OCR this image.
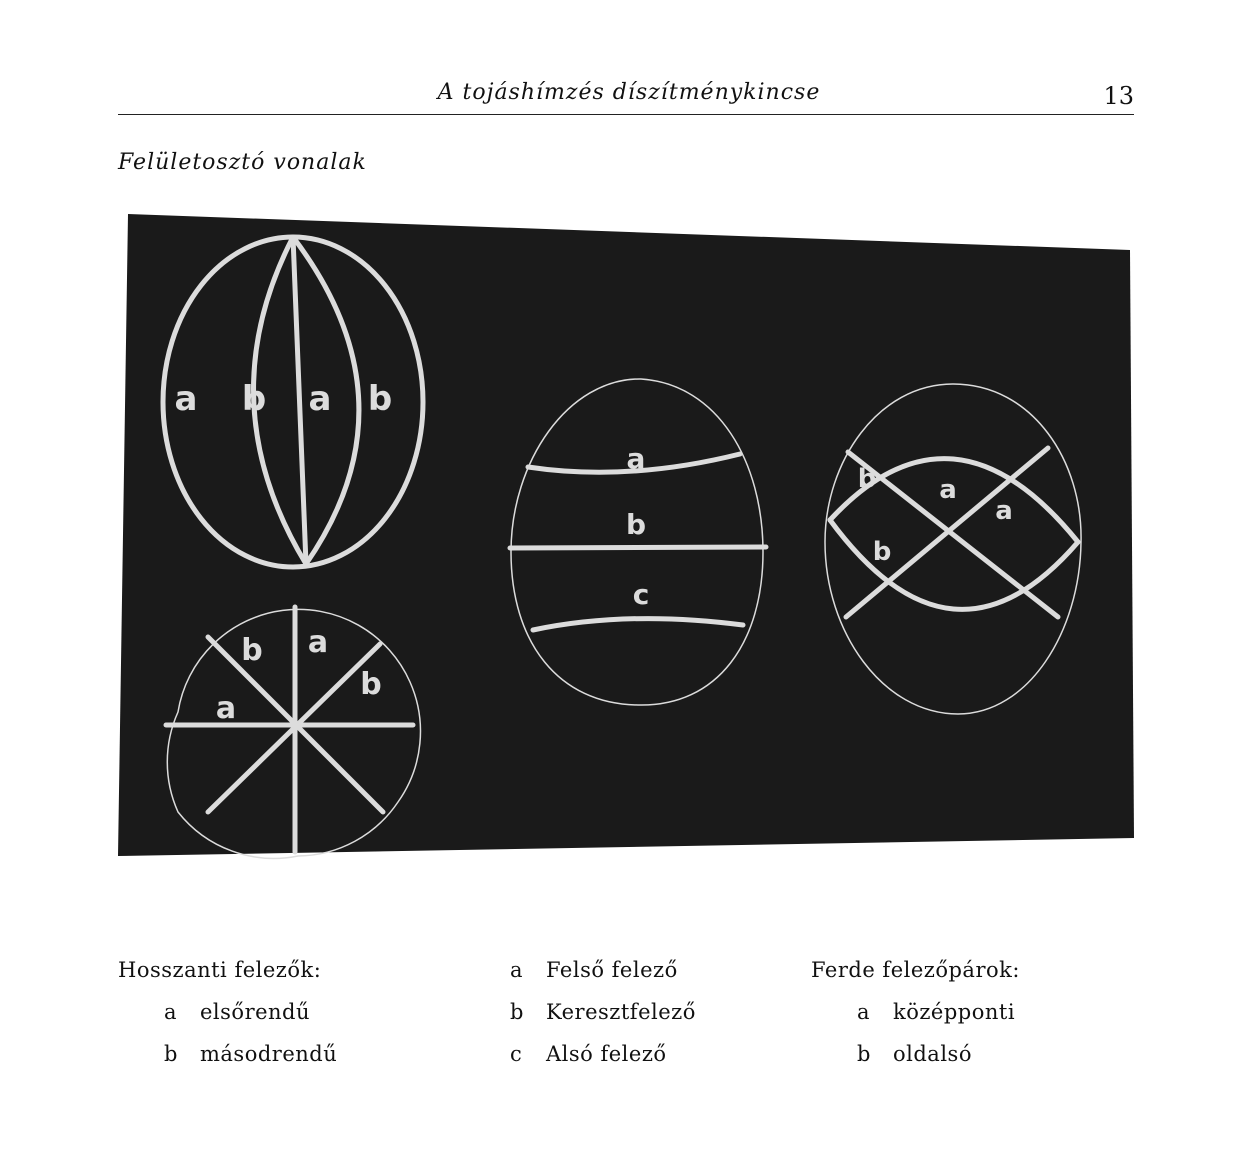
A tojáshímzés díszítménykincse	13
Felületosztó vonalak
a b a b
a
b
c
b a
a
b
b a
b
a
Hosszanti felezők:
a elsőrendű
b másodrendű
a Felső felező
b Keresztfelező
c Alsó felező
Ferde felezőpárok:
a középponti
b oldalsó
